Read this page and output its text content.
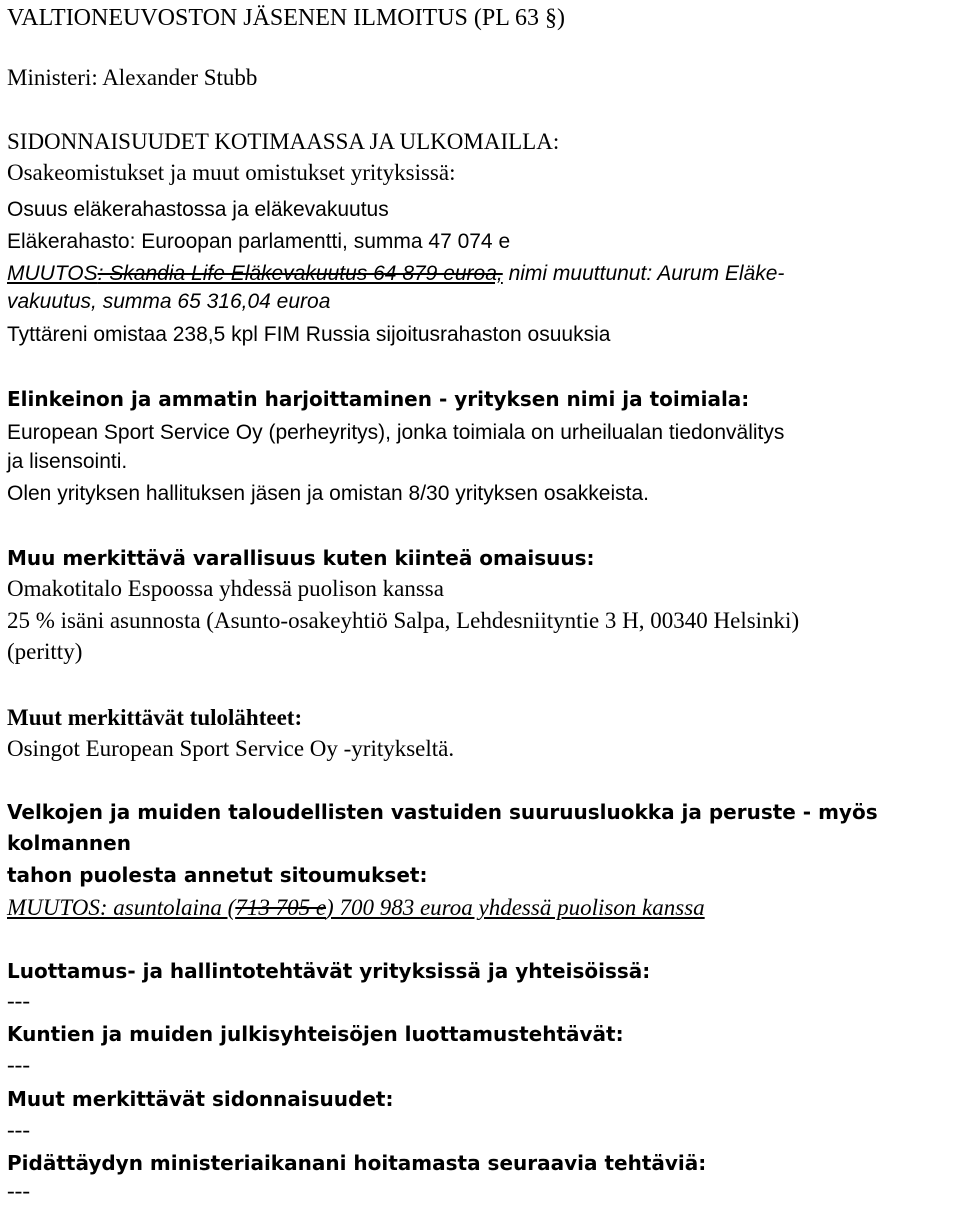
VALTIONEUVOSTON JÄSENEN ILMOITUS (PL 63 §)
Ministeri: Alexander Stubb
SIDONNAISUUDET KOTIMAASSA JA ULKOMAILLA:
Osakeomistukset ja muut omistukset yrityksissä:
Osuus eläkerahastossa ja eläkevakuutus
Eläkerahasto: Euroopan parlamentti, summa 47 074 e
MUUTOS: Skandia Life Eläkevakuutus 64 879 euroa, nimi muuttunut: Aurum Eläke-
vakuutus, summa 65 316,04 euroa
Tyttäreni omistaa 238,5 kpl FIM Russia sijoitusrahaston osuuksia
Elinkeinon ja ammatin harjoittaminen - yrityksen nimi ja toimiala:
European Sport Service Oy (perheyritys), jonka toimiala on urheilualan tiedonvälitys
ja lisensointi.
Olen yrityksen hallituksen jäsen ja omistan 8/30 yrityksen osakkeista.
Muu merkittävä varallisuus kuten kiinteä omaisuus:
Omakotitalo Espoossa yhdessä puolison kanssa
25 % isäni asunnosta (Asunto-osakeyhtiö Salpa, Lehdesniityntie 3 H, 00340 Helsinki)
(peritty)
Muut merkittävät tulolähteet:
Osingot European Sport Service Oy -yritykseltä.
Velkojen ja muiden taloudellisten vastuiden suuruusluokka ja peruste - myös
kolmannen
tahon puolesta annetut sitoumukset:
MUUTOS: asuntolaina (713 705 e) 700 983 euroa yhdessä puolison kanssa
Luottamus- ja hallintotehtävät yrityksissä ja yhteisöissä:
---
Kuntien ja muiden julkisyhteisöjen luottamustehtävät:
---
Muut merkittävät sidonnaisuudet:
---
Pidättäydyn ministeriaikanani hoitamasta seuraavia tehtäviä:
---
